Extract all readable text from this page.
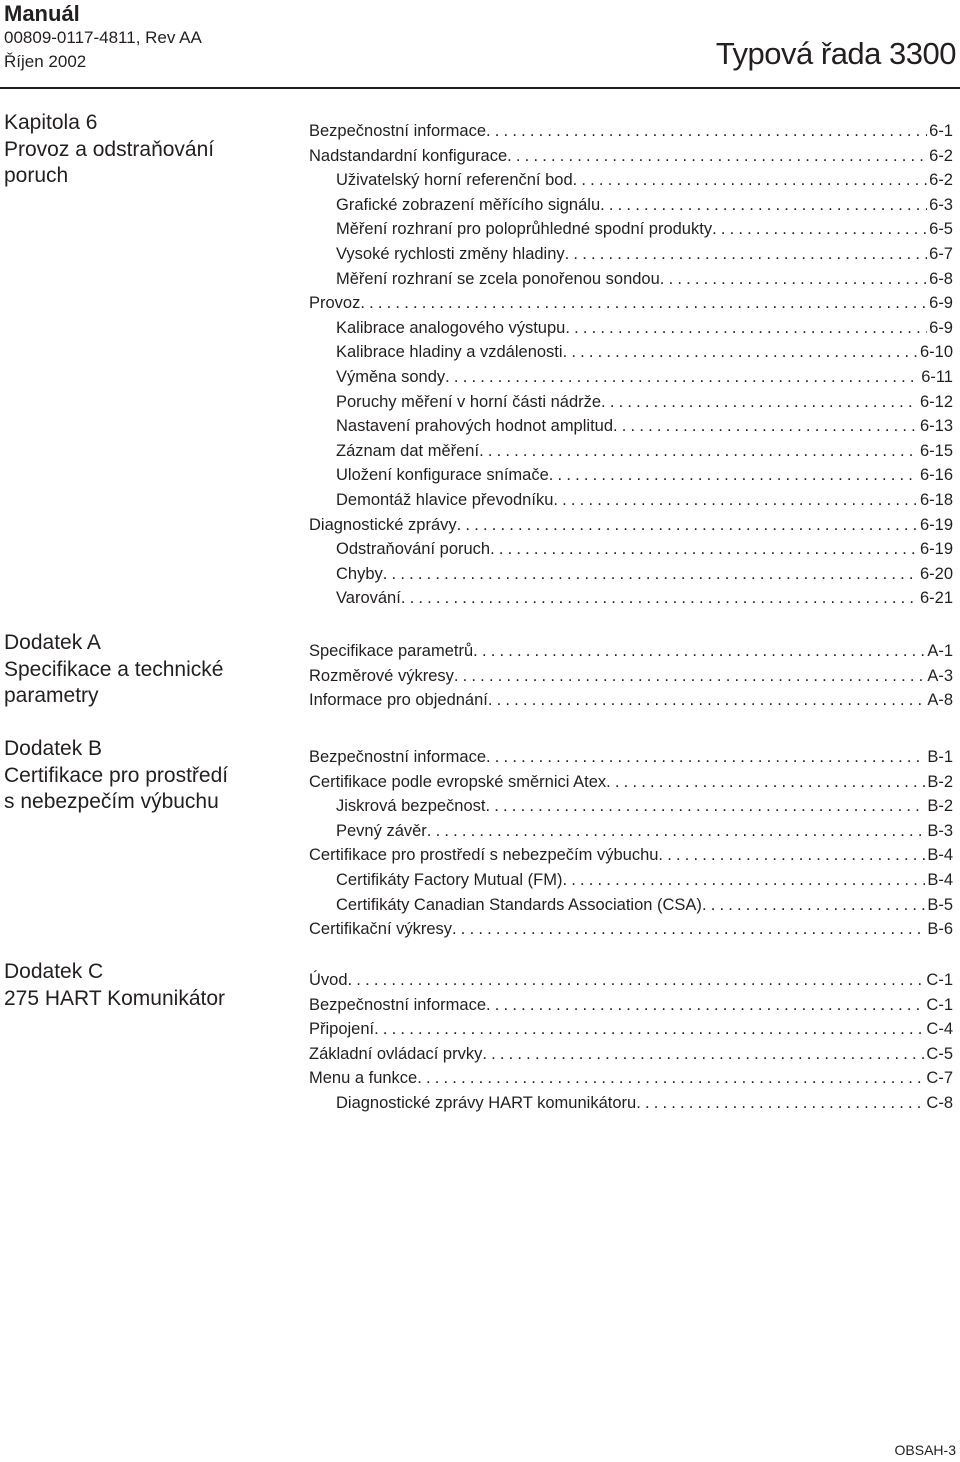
Manuál
00809-0117-4811, Rev AA
Říjen 2002	Typová řada 3300
Kapitola 6
Provoz a odstraňování
poruch
Bezpečnostní informace . . .	6-1
Nadstandardní konfigurace . . .	6-2
Uživatelský horní referenční bod . . .	6-2
Grafické zobrazení měřícího signálu . . .	6-3
Měření rozhraní pro poloprůhledné spodní produkty . . .	6-5
Vysoké rychlosti změny hladiny . . .	6-7
Měření rozhraní se zcela ponořenou sondou . . .	6-8
Provoz . . .	6-9
Kalibrace analogového výstupu . . .	6-9
Kalibrace hladiny a vzdálenosti . . .	6-10
Výměna sondy . . .	6-11
Poruchy měření v horní části nádrže . . .	6-12
Nastavení prahových hodnot amplitud . . .	6-13
Záznam dat měření . . .	6-15
Uložení konfigurace snímače . . .	6-16
Demontáž hlavice převodníku . . .	6-18
Diagnostické zprávy . . .	6-19
Odstraňování poruch . . .	6-19
Chyby . . .	6-20
Varování . . .	6-21
Dodatek A
Specifikace a technické
parametry
Specifikace parametrů . . .	A-1
Rozměrové výkresy . . .	A-3
Informace pro objednání . . .	A-8
Dodatek B
Certifikace pro prostředí
s nebezpečím výbuchu
Bezpečnostní informace . . .	B-1
Certifikace podle evropské směrnici Atex . . .	B-2
Jiskrová bezpečnost . . .	B-2
Pevný závěr . . .	B-3
Certifikace pro prostředí s nebezpečím výbuchu . . .	B-4
Certifikáty Factory Mutual (FM) . . .	B-4
Certifikáty Canadian Standards Association (CSA) . . .	B-5
Certifikační výkresy . . .	B-6
Dodatek C
275 HART Komunikátor
Úvod . . .	C-1
Bezpečnostní informace . . .	C-1
Připojení . . .	C-4
Základní ovládací prvky . . .	C-5
Menu a funkce . . .	C-7
Diagnostické zprávy HART komunikátoru . . .	C-8
OBSAH-3
